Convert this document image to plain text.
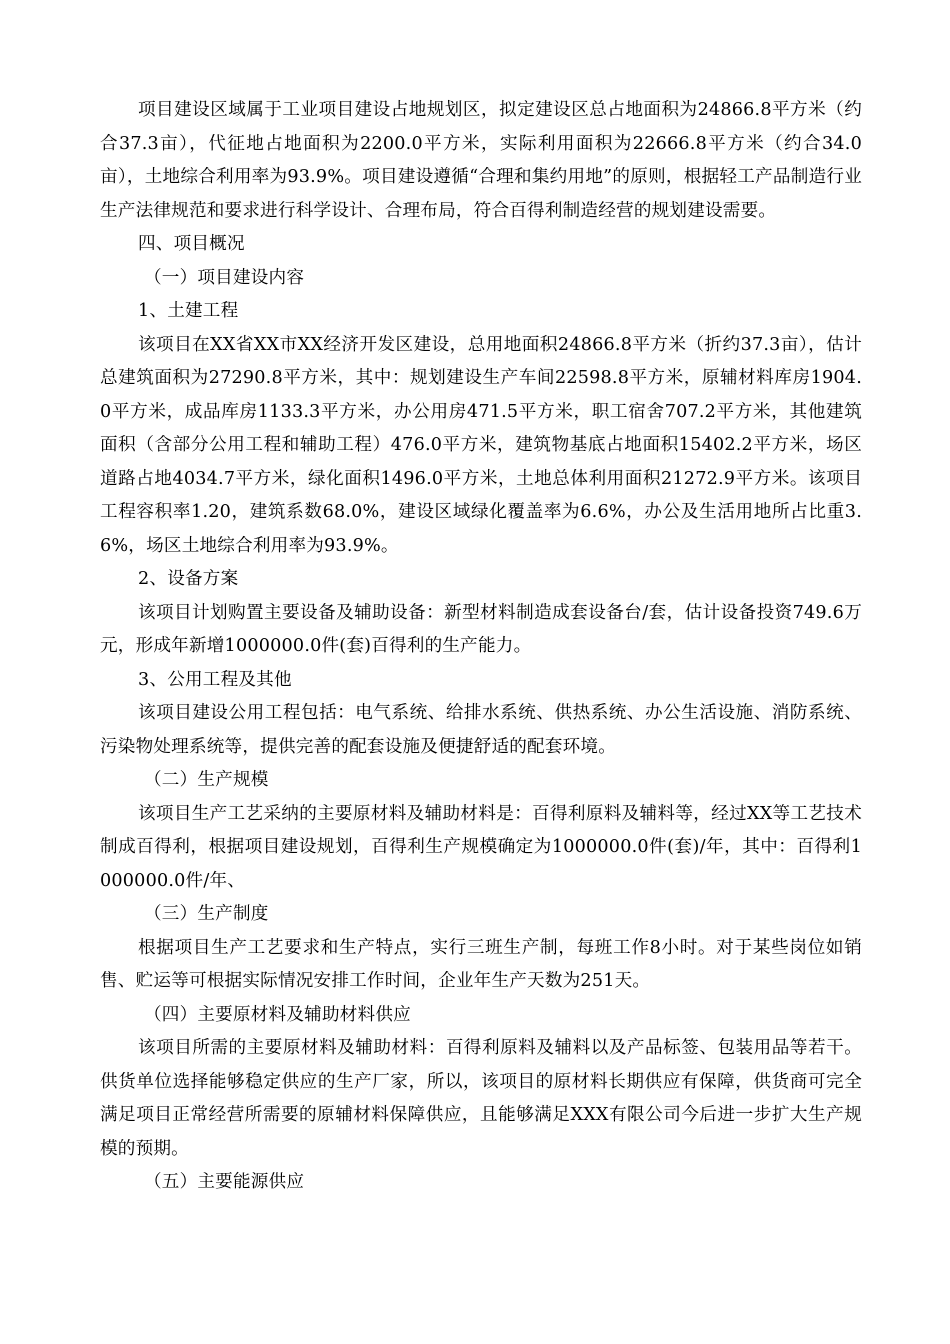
项目建设区域属于工业项目建设占地规划区，拟定建设区总占地面积为24866.8平方米（约合37.3亩），代征地占地面积为2200.0平方米，实际利用面积为22666.8平方米（约合34.0亩），土地综合利用率为93.9%。项目建设遵循“合理和集约用地”的原则，根据轻工产品制造行业生产法律规范和要求进行科学设计、合理布局，符合百得利制造经营的规划建设需要。

四、项目概况

（一）项目建设内容

1、土建工程

该项目在XX省XX市XX经济开发区建设，总用地面积24866.8平方米（折约37.3亩），估计总建筑面积为27290.8平方米，其中：规划建设生产车间22598.8平方米，原辅材料库房1904.0平方米，成品库房1133.3平方米，办公用房471.5平方米，职工宿舍707.2平方米，其他建筑面积（含部分公用工程和辅助工程）476.0平方米，建筑物基底占地面积15402.2平方米，场区道路占地4034.7平方米，绿化面积1496.0平方米，土地总体利用面积21272.9平方米。该项目工程容积率1.20，建筑系数68.0%，建设区域绿化覆盖率为6.6%，办公及生活用地所占比重3.6%，场区土地综合利用率为93.9%。

2、设备方案

该项目计划购置主要设备及辅助设备：新型材料制造成套设备台/套，估计设备投资749.6万元，形成年新增1000000.0件(套)百得利的生产能力。

3、公用工程及其他

该项目建设公用工程包括：电气系统、给排水系统、供热系统、办公生活设施、消防系统、污染物处理系统等，提供完善的配套设施及便捷舒适的配套环境。

（二）生产规模

该项目生产工艺采纳的主要原材料及辅助材料是：百得利原料及辅料等，经过XX等工艺技术制成百得利，根据项目建设规划，百得利生产规模确定为1000000.0件(套)/年，其中：百得利1000000.0件/年、

（三）生产制度

根据项目生产工艺要求和生产特点，实行三班生产制，每班工作8小时。对于某些岗位如销售、贮运等可根据实际情况安排工作时间，企业年生产天数为251天。

（四）主要原材料及辅助材料供应

该项目所需的主要原材料及辅助材料：百得利原料及辅料以及产品标签、包装用品等若干。供货单位选择能够稳定供应的生产厂家，所以，该项目的原材料长期供应有保障，供货商可完全满足项目正常经营所需要的原辅材料保障供应，且能够满足XXX有限公司今后进一步扩大生产规模的预期。

（五）主要能源供应
